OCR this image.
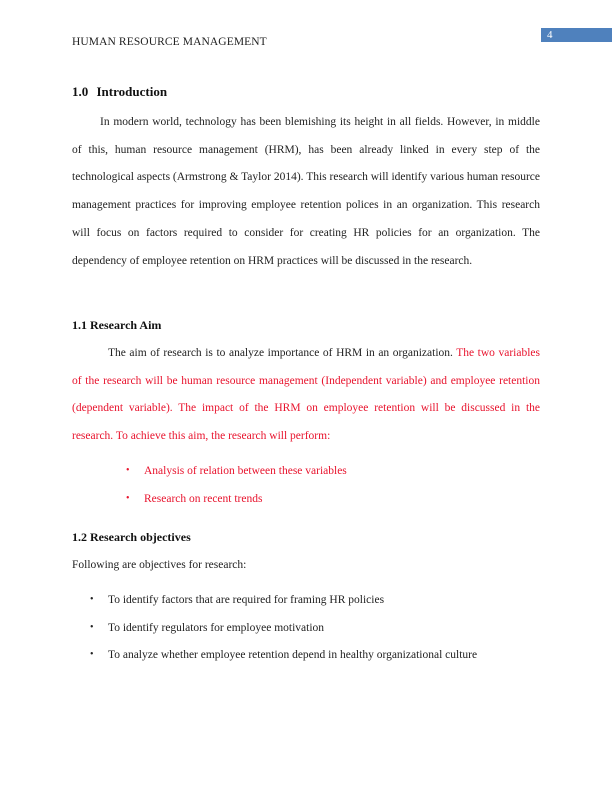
HUMAN RESOURCE MANAGEMENT
4
1.0 Introduction
In modern world, technology has been blemishing its height in all fields. However, in middle of this, human resource management (HRM), has been already linked in every step of the technological aspects (Armstrong & Taylor 2014). This research will identify various human resource management practices for improving employee retention polices in an organization. This research will focus on factors required to consider for creating HR policies for an organization. The dependency of employee retention on HRM practices will be discussed in the research.
1.1 Research Aim
The aim of research is to analyze importance of HRM in an organization. The two variables of the research will be human resource management (Independent variable) and employee retention (dependent variable). The impact of the HRM on employee retention will be discussed in the research. To achieve this aim, the research will perform:
• Analysis of relation between these variables
• Research on recent trends
1.2 Research objectives
Following are objectives for research:
• To identify factors that are required for framing HR policies
• To identify regulators for employee motivation
• To analyze whether employee retention depend in healthy organizational culture
